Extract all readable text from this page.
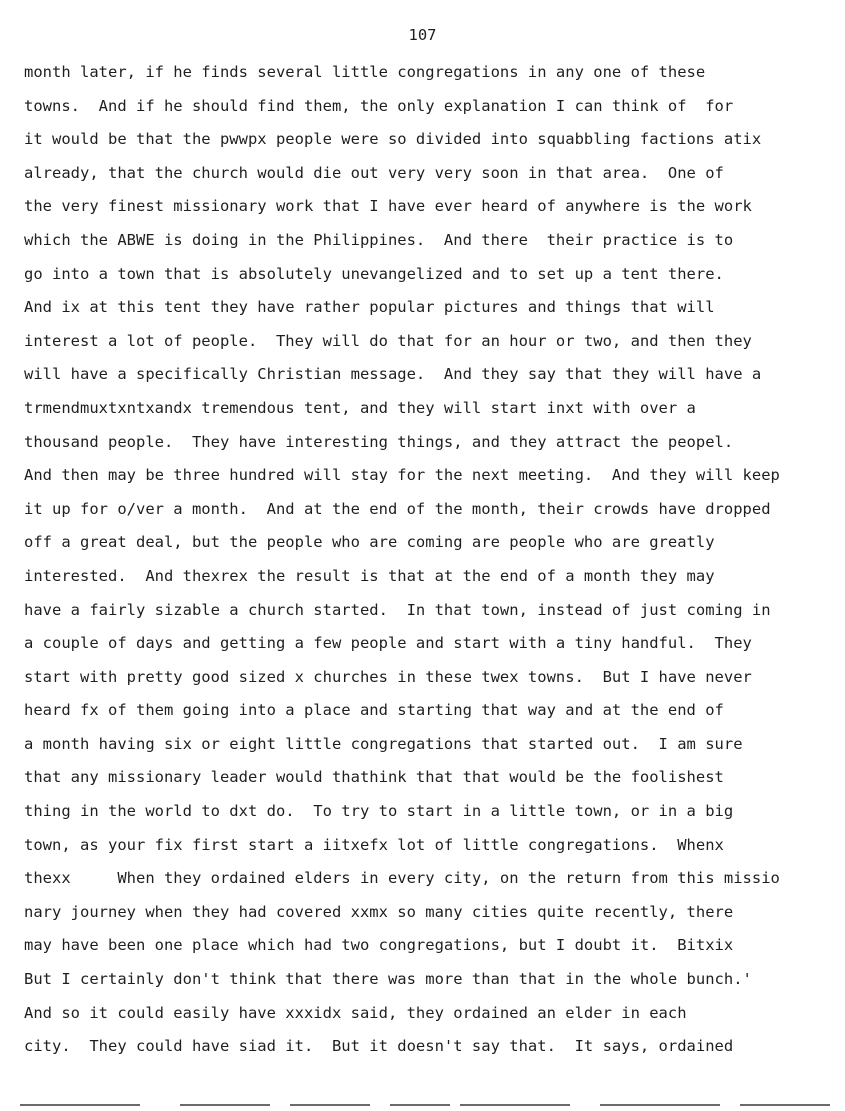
107
month later, if he finds several little congregations in any one of these
towns.  And if he should find them, the only explanation I can think of  for
it would be that the pwwpx people were so divided into squabbling factions atix
already, that the church would die out very very soon in that area.  One of
the very finest missionary work that I have ever heard of anywhere is the work
which the ABWE is doing in the Philippines.  And there  their practice is to
go into a town that is absolutely unevangelized and to set up a tent there.
And ix at this tent they have rather popular pictures and things that will
interest a lot of people.  They will do that for an hour or two, and then they
will have a specifically Christian message.  And they say that they will have a
trmendmuxtxntxandx tremendous tent, and they will start inxt with over a
thousand people.  They have interesting things, and they attract the peopel.
And then may be three hundred will stay for the next meeting.  And they will keep
it up for o/ver a month.  And at the end of the month, their crowds have dropped
off a great deal, but the people who are coming are people who are greatly
interested.  And thexrex the result is that at the end of a month they may
have a fairly sizable a church started.  In that town, instead of just coming in
a couple of days and getting a few people and start with a tiny handful.  They
start with pretty good sized x churches in these twex towns.  But I have never
heard fx of them going into a place and starting that way and at the end of
a month having six or eight little congregations that started out.  I am sure
that any missionary leader would thathink that that would be the foolishest
thing in the world to dxt do.  To try to start in a little town, or in a big
town, as your fix first start a iitxefx lot of little congregations.  Whenx
thexx     When they ordained elders in every city, on the return from this missio
nary journey when they had covered xxmx so many cities quite recently, there
may have been one place which had two congregations, but I doubt it.  Bitxix
But I certainly don't think that there was more than that in the whole bunch.'
And so it could easily have xxxidx said, they ordained an elder in each
city.  They could have siad it.  But it doesn't say that.  It says, ordained
